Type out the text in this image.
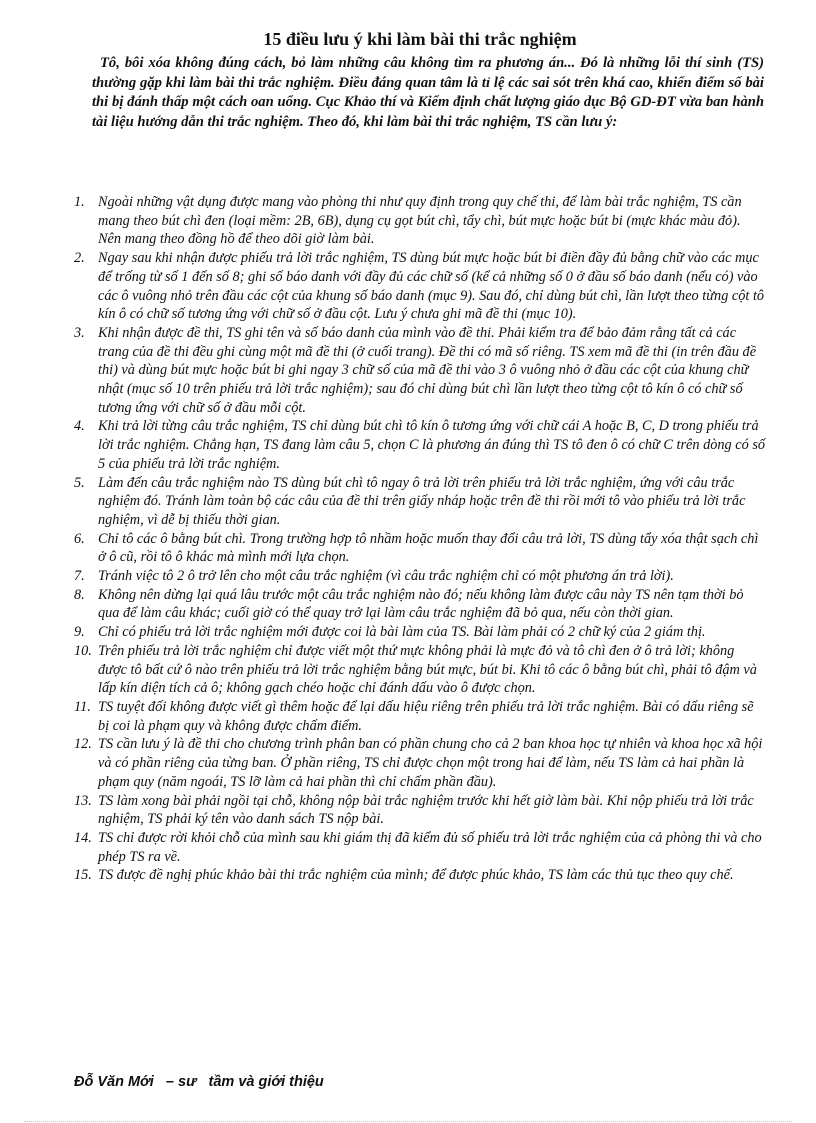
15 điều lưu ý khi làm bài thi trắc nghiệm

Tô, bôi xóa không đúng cách, bỏ làm những câu không tìm ra phương án... Đó là những lỗi thí sinh (TS) thường gặp khi làm bài thi trắc nghiệm. Điều đáng quan tâm là tỉ lệ các sai sót trên khá cao, khiến điểm số bài thi bị đánh thấp một cách oan uổng. Cục Khảo thí và Kiểm định chất lượng giáo dục Bộ GD-ĐT vừa ban hành tài liệu hướng dẫn thi trắc nghiệm. Theo đó, khi làm bài thi trắc nghiệm, TS cần lưu ý:

1. Ngoài những vật dụng được mang vào phòng thi như quy định trong quy chế thi, để làm bài trắc nghiệm, TS cần mang theo bút chì đen (loại mềm: 2B, 6B), dụng cụ gọt bút chì, tẩy chì, bút mực hoặc bút bi (mực khác màu đỏ). Nên mang theo đồng hồ để theo dõi giờ làm bài.
2. Ngay sau khi nhận được phiếu trả lời trắc nghiệm, TS dùng bút mực hoặc bút bi điền đầy đủ bằng chữ vào các mục để trống từ số 1 đến số 8; ghi số báo danh với đầy đủ các chữ số (kể cả những số 0 ở đầu số báo danh (nếu có) vào các ô vuông nhỏ trên đầu các cột của khung số báo danh (mục 9). Sau đó, chỉ dùng bút chì, lần lượt theo từng cột tô kín ô có chữ số tương ứng với chữ số ở đầu cột. Lưu ý chưa ghi mã đề thi (mục 10).
3. Khi nhận được đề thi, TS ghi tên và số báo danh của mình vào đề thi. Phải kiểm tra để bảo đảm rằng tất cả các trang của đề thi đều ghi cùng một mã đề thi (ở cuối trang). Đề thi có mã số riêng. TS xem mã đề thi (in trên đầu đề thi) và dùng bút mực hoặc bút bi ghi ngay 3 chữ số của mã đề thi vào 3 ô vuông nhỏ ở đầu các cột của khung chữ nhật (mục số 10 trên phiếu trả lời trắc nghiệm); sau đó chỉ dùng bút chì lần lượt theo từng cột tô kín ô có chữ số tương ứng với chữ số ở đầu mỗi cột.
4. Khi trả lời từng câu trắc nghiệm, TS chỉ dùng bút chì tô kín ô tương ứng với chữ cái A hoặc B, C, D trong phiếu trả lời trắc nghiệm. Chẳng hạn, TS đang làm câu 5, chọn C là phương án đúng thì TS tô đen ô có chữ C trên dòng có số 5 của phiếu trả lời trắc nghiệm.
5. Làm đến câu trắc nghiệm nào TS dùng bút chì tô ngay ô trả lời trên phiếu trả lời trắc nghiệm, ứng với câu trắc nghiệm đó. Tránh làm toàn bộ các câu của đề thi trên giấy nháp hoặc trên đề thi rồi mới tô vào phiếu trả lời trắc nghiệm, vì dễ bị thiếu thời gian.
6. Chỉ tô các ô bằng bút chì. Trong trường hợp tô nhầm hoặc muốn thay đổi câu trả lời, TS dùng tẩy xóa thật sạch chì ở ô cũ, rồi tô ô khác mà mình mới lựa chọn.
7. Tránh việc tô 2 ô trở lên cho một câu trắc nghiệm (vì câu trắc nghiệm chỉ có một phương án trả lời).
8. Không nên dừng lại quá lâu trước một câu trắc nghiệm nào đó; nếu không làm được câu này TS nên tạm thời bỏ qua để làm câu khác; cuối giờ có thể quay trở lại làm câu trắc nghiệm đã bỏ qua, nếu còn thời gian.
9. Chỉ có phiếu trả lời trắc nghiệm mới được coi là bài làm của TS. Bài làm phải có 2 chữ ký của 2 giám thị.
10. Trên phiếu trả lời trắc nghiệm chỉ được viết một thứ mực không phải là mực đỏ và tô chì đen ở ô trả lời; không được tô bất cứ ô nào trên phiếu trả lời trắc nghiệm bằng bút mực, bút bi. Khi tô các ô bằng bút chì, phải tô đậm và lấp kín diện tích cả ô; không gạch chéo hoặc chỉ đánh dấu vào ô được chọn.
11. TS tuyệt đối không được viết gì thêm hoặc để lại dấu hiệu riêng trên phiếu trả lời trắc nghiệm. Bài có dấu riêng sẽ bị coi là phạm quy và không được chấm điểm.
12. TS cần lưu ý là đề thi cho chương trình phân ban có phần chung cho cả 2 ban khoa học tự nhiên và khoa học xã hội và có phần riêng của từng ban. Ở phần riêng, TS chỉ được chọn một trong hai để làm, nếu TS làm cả hai phần là phạm quy (năm ngoái, TS lỡ làm cả hai phần thì chỉ chấm phần đầu).
13. TS làm xong bài phải ngồi tại chỗ, không nộp bài trắc nghiệm trước khi hết giờ làm bài. Khi nộp phiếu trả lời trắc nghiệm, TS phải ký tên vào danh sách TS nộp bài.
14. TS chỉ được rời khỏi chỗ của mình sau khi giám thị đã kiểm đủ số phiếu trả lời trắc nghiệm của cả phòng thi và cho phép TS ra về.
15. TS được đề nghị phúc khảo bài thi trắc nghiệm của mình; để được phúc khảo, TS làm các thủ tục theo quy chế.
Đỗ Văn Mới   – sư   tầm và giới thiệu
